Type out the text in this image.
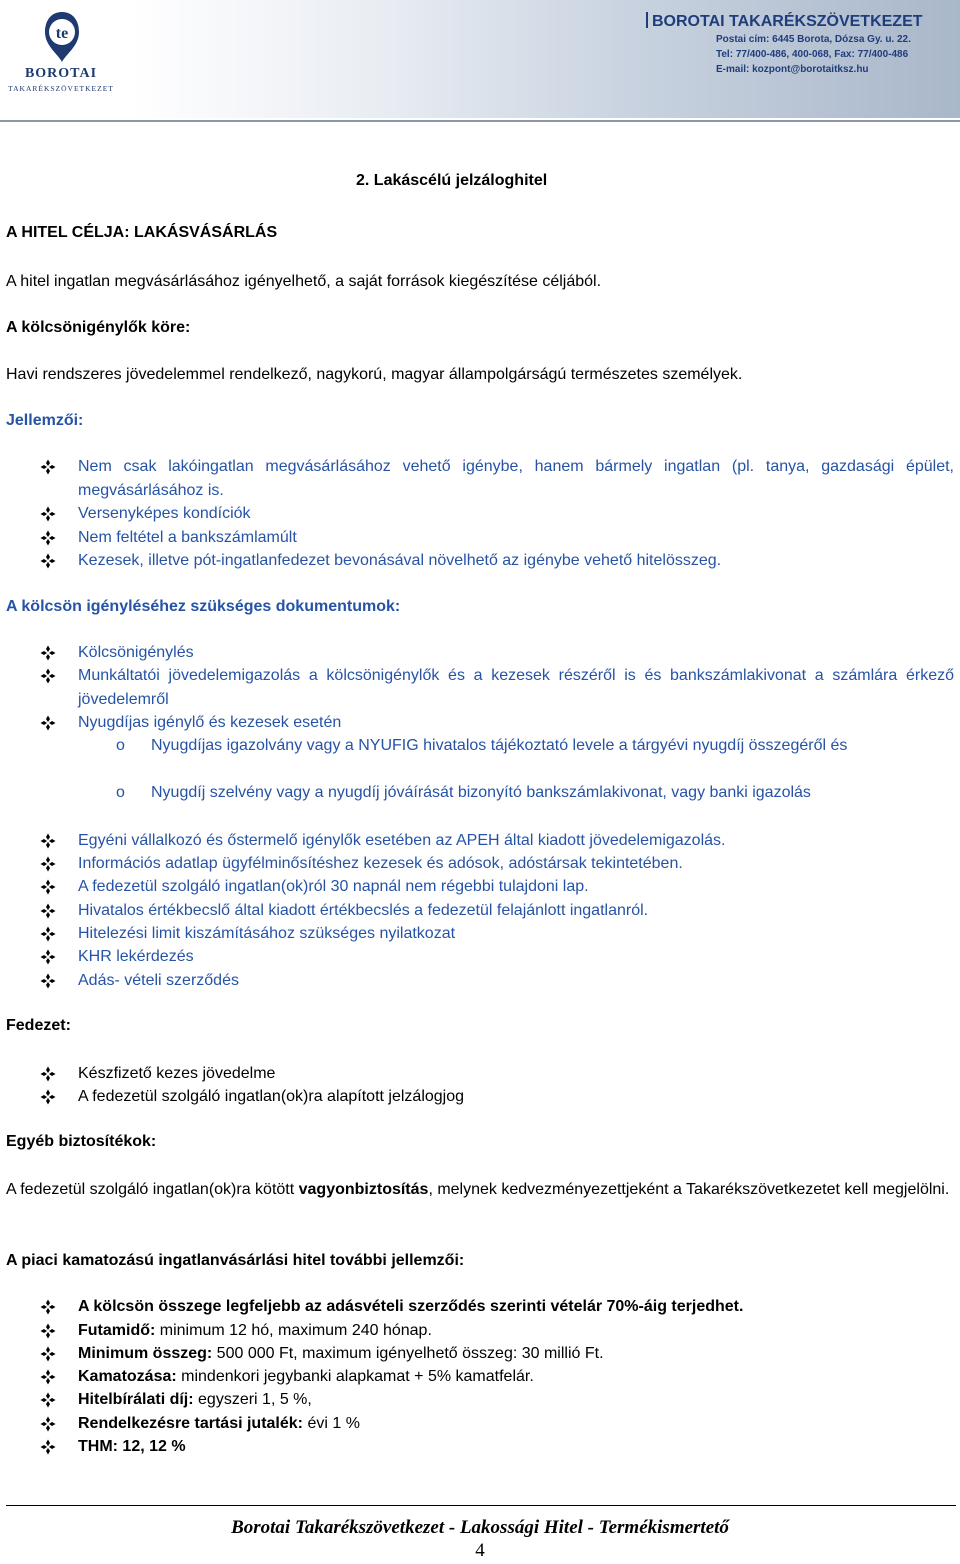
te
BOROTAI
TAKARÉKSZÖVETKEZET
BOROTAI TAKARÉKSZÖVETKEZET
Postai cím: 6445 Borota, Dózsa Gy. u. 22.
Tel: 77/400-486, 400-068, Fax: 77/400-486
E-mail: kozpont@borotaitksz.hu
2. Lakáscélú jelzáloghitel
A HITEL CÉLJA: LAKÁSVÁSÁRLÁS
A hitel ingatlan megvásárlásához igényelhető, a saját források kiegészítése céljából.
A kölcsönigénylők köre:
Havi rendszeres jövedelemmel rendelkező, nagykorú, magyar állampolgárságú természetes személyek.
Jellemzői:
Nem csak lakóingatlan megvásárlásához vehető igénybe, hanem bármely ingatlan (pl. tanya, gazdasági épület, megvásárlásához is.
Versenyképes kondíciók
Nem feltétel a bankszámlamúlt
Kezesek, illetve pót-ingatlanfedezet bevonásával növelhető az igénybe vehető hitelösszeg.
A kölcsön igényléséhez szükséges dokumentumok:
Kölcsönigénylés
Munkáltatói jövedelemigazolás a kölcsönigénylők és a kezesek részéről is és bankszámlakivonat a számlára érkező jövedelemről
Nyugdíjas igénylő és kezesek esetén
o Nyugdíjas igazolvány vagy a NYUFIG hivatalos tájékoztató levele a tárgyévi nyugdíj összegéről és
o Nyugdíj szelvény vagy a nyugdíj jóváírását bizonyító bankszámlakivonat, vagy banki igazolás
Egyéni vállalkozó és őstermelő igénylők esetében az APEH által kiadott jövedelemigazolás.
Információs adatlap ügyfélminősítéshez kezesek és adósok, adóstársak tekintetében.
A fedezetül szolgáló ingatlan(ok)ról 30 napnál nem régebbi tulajdoni lap.
Hivatalos értékbecslő által kiadott értékbecslés a fedezetül felajánlott ingatlanról.
Hitelezési limit kiszámításához szükséges nyilatkozat
KHR lekérdezés
Adás- vételi szerződés
Fedezet:
Készfizető kezes jövedelme
A fedezetül szolgáló ingatlan(ok)ra alapított jelzálogjog
Egyéb biztosítékok:
A fedezetül szolgáló ingatlan(ok)ra kötött vagyonbiztosítás, melynek kedvezményezettjeként a Takarékszövetkezetet kell megjelölni.
A piaci kamatozású ingatlanvásárlási hitel további jellemzői:
A kölcsön összege legfeljebb az adásvételi szerződés szerinti vételár 70%-áig terjedhet.
Futamidő: minimum 12 hó, maximum 240 hónap.
Minimum összeg: 500 000 Ft, maximum igényelhető összeg: 30 millió Ft.
Kamatozása: mindenkori jegybanki alapkamat + 5% kamatfelár.
Hitelbírálati díj: egyszeri 1, 5 %,
Rendelkezésre tartási jutalék: évi 1 %
THM: 12, 12 %
Borotai Takarékszövetkezet - Lakossági Hitel - Termékismertető
4
